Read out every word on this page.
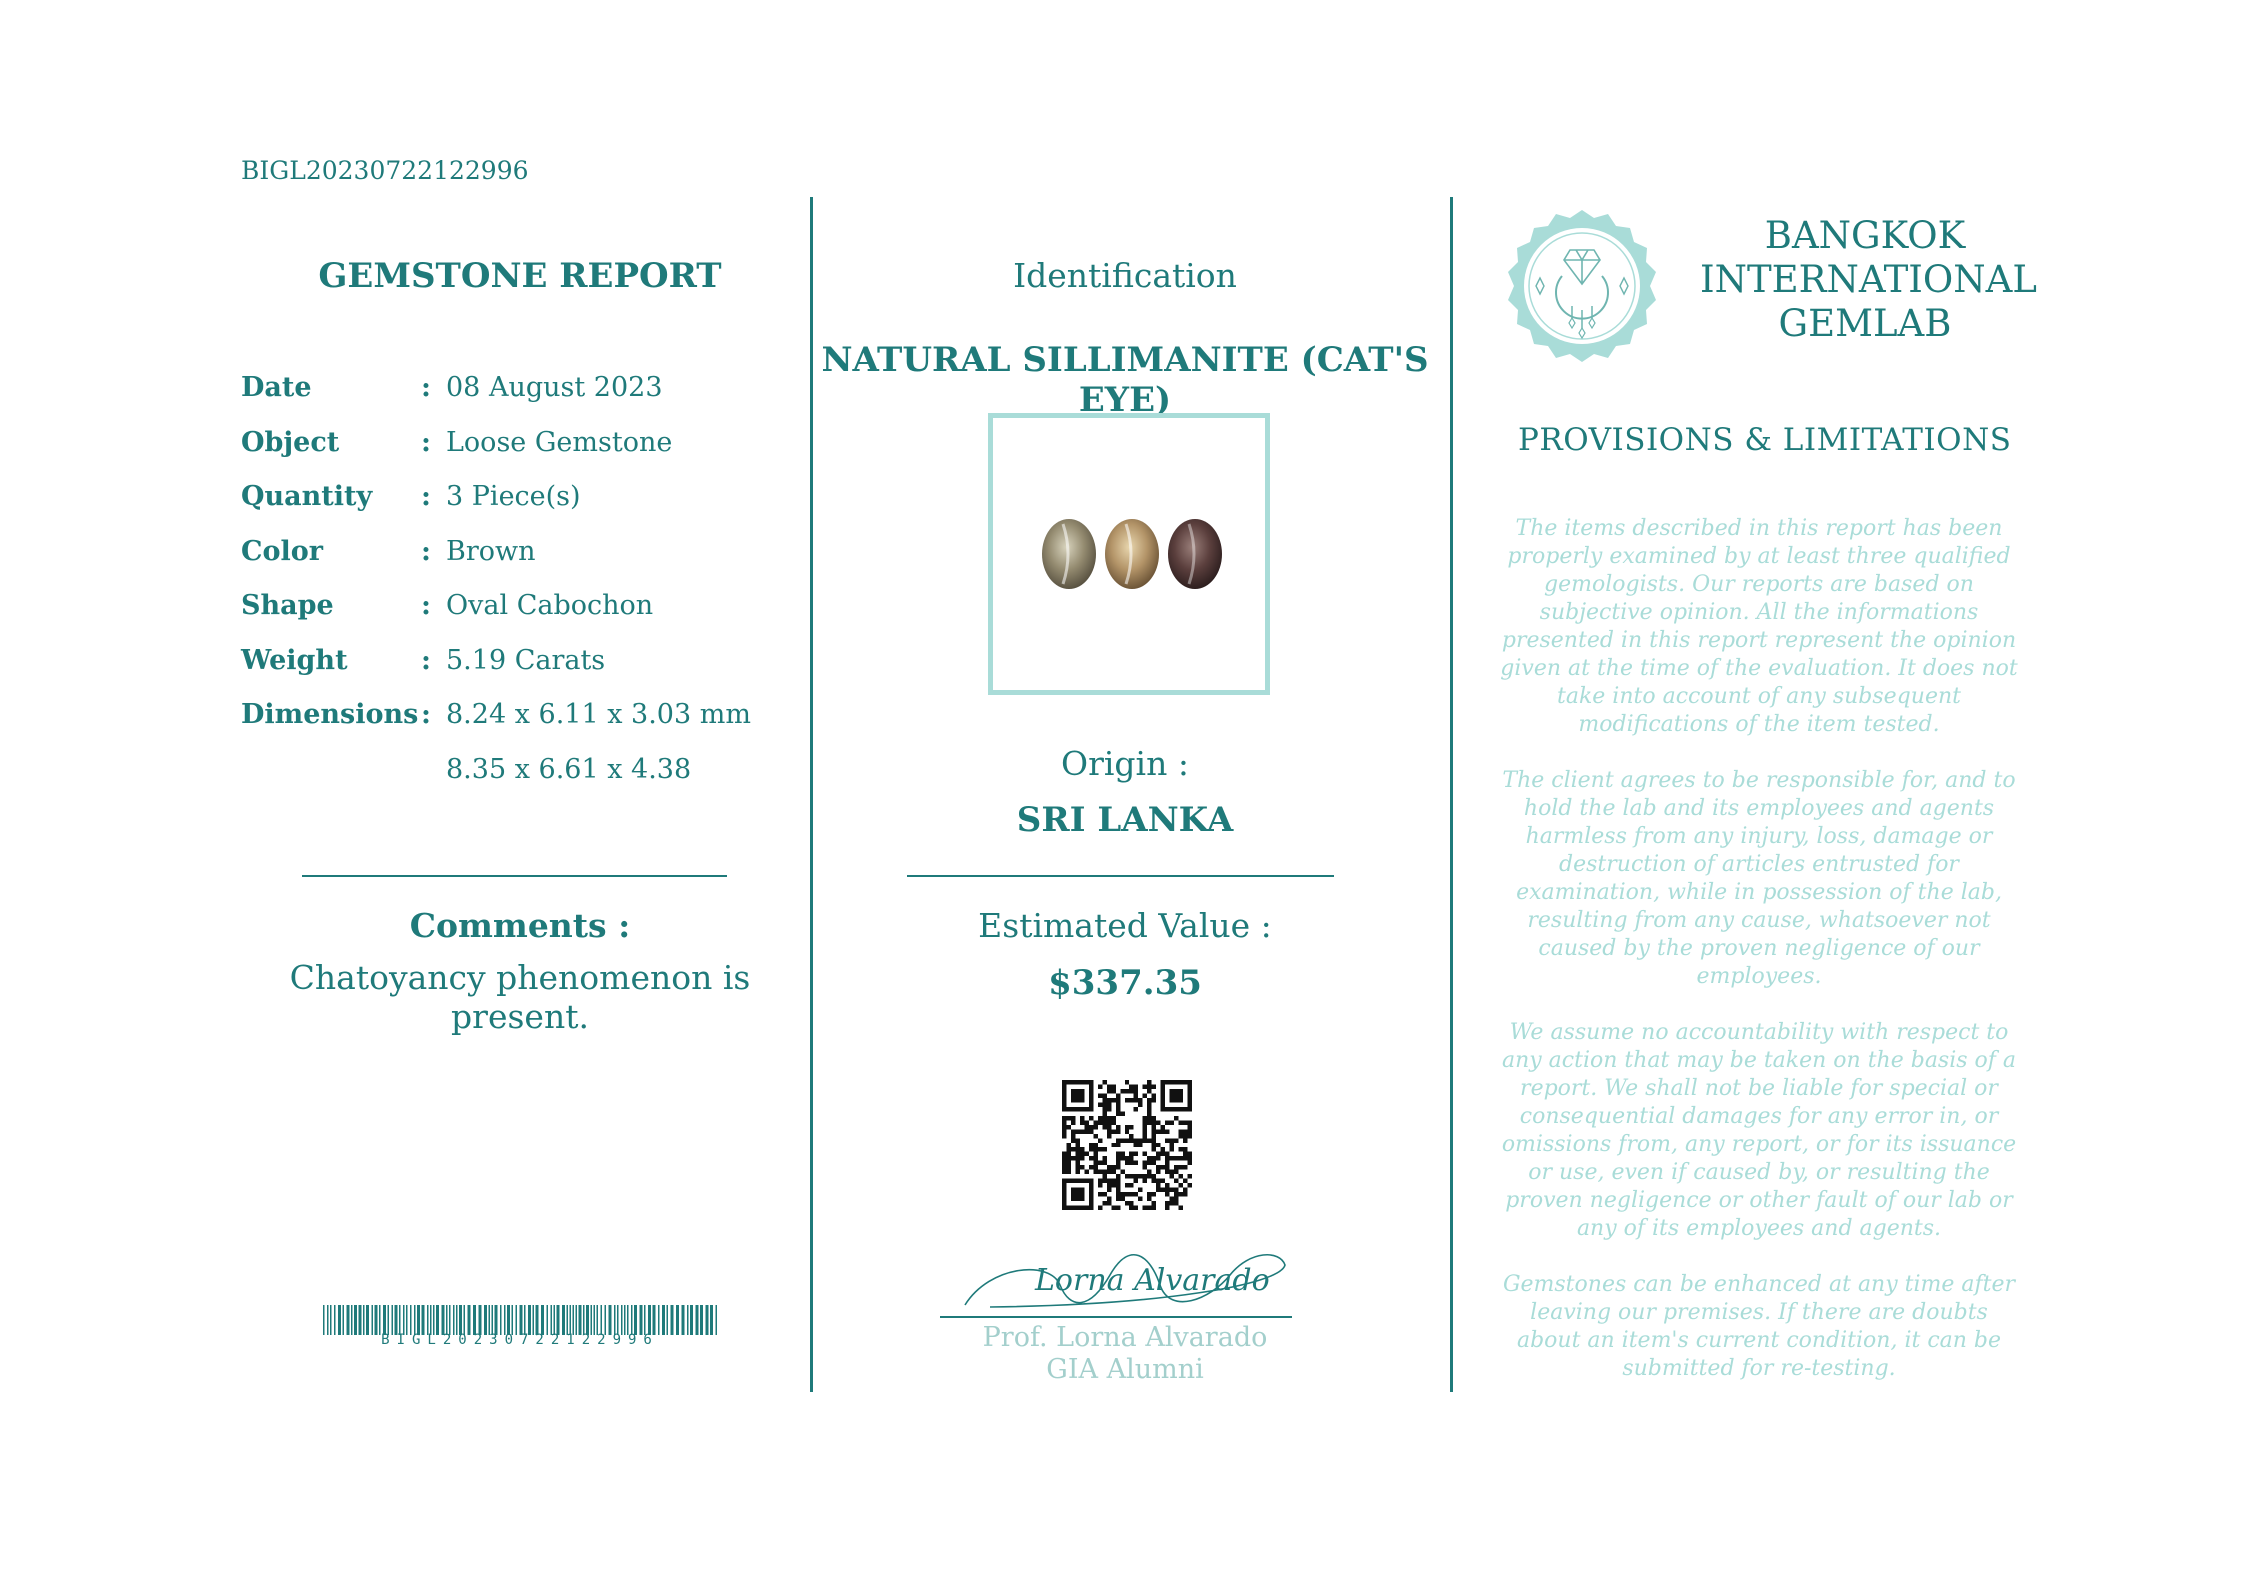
BIGL20230722122996
GEMSTONE REPORT
Date	: 08 August 2023
Object	: Loose Gemstone
Quantity : 3 Piece(s)
Color	: Brown
Shape	: Oval Cabochon
Weight	: 5.19 Carats
Dimensions : 8.24 x 6.11 x 3.03 mm
8.35 x 6.61 x 4.38
Comments :
Chatoyancy phenomenon is present.
BIGL20230722122996
Identification
NATURAL SILLIMANITE (CAT'S EYE)
Origin :
SRI LANKA
Estimated Value :
$337.35
Lorna Alvarado
Prof. Lorna Alvarado
GIA Alumni
BANGKOK
INTERNATIONAL
GEMLAB
PROVISIONS & LIMITATIONS

The items described in this report has been properly examined by at least three qualified gemologists. Our reports are based on subjective opinion. All the informations presented in this report represent the opinion given at the time of the evaluation. It does not take into account of any subsequent modifications of the item tested.

The client agrees to be responsible for, and to hold the lab and its employees and agents harmless from any injury, loss, damage or destruction of articles entrusted for examination, while in possession of the lab, resulting from any cause, whatsoever not caused by the proven negligence of our employees.

We assume no accountability with respect to any action that may be taken on the basis of a report. We shall not be liable for special or consequential damages for any error in, or omissions from, any report, or for its issuance or use, even if caused by, or resulting the proven negligence or other fault of our lab or any of its employees and agents.

Gemstones can be enhanced at any time after leaving our premises. If there are doubts about an item's current condition, it can be submitted for re-testing.
